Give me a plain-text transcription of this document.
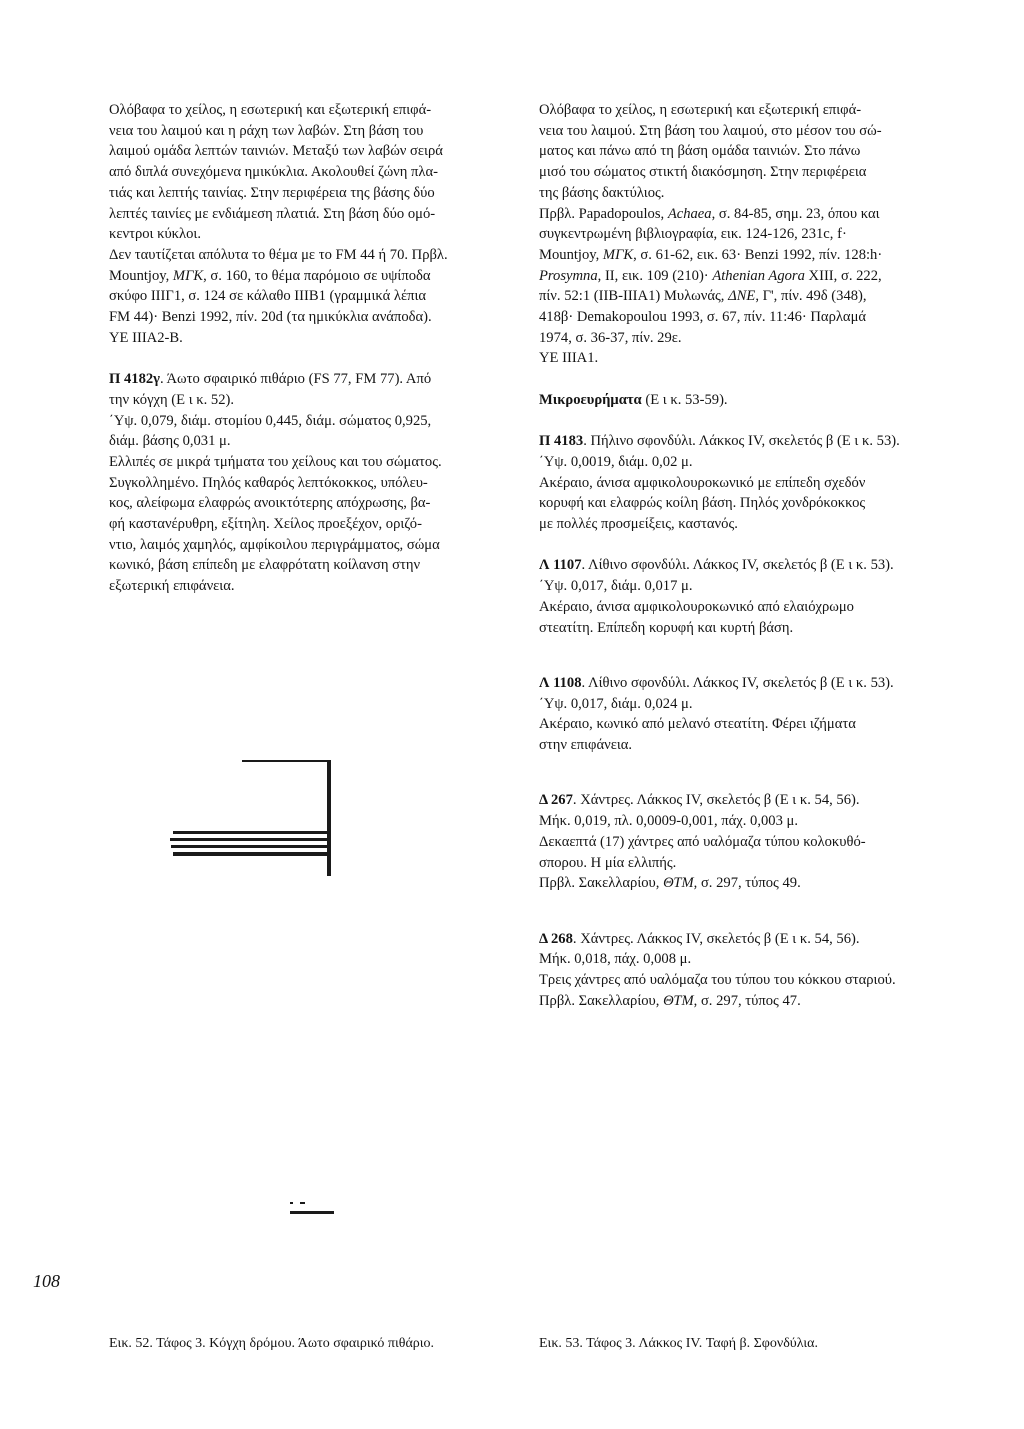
Ολόβαφα το χείλος, η εσωτερική και εξωτερική επιφά-

νεια του λαιμού και η ράχη των λαβών. Στη βάση του

λαιμού ομάδα λεπτών ταινιών. Μεταξύ των λαβών σειρά

από διπλά συνεχόμενα ημικύκλια. Ακολουθεί ζώνη πλα-

τιάς και λεπτής ταινίας. Στην περιφέρεια της βάσης δύο

λεπτές ταινίες με ενδιάμεση πλατιά. Στη βάση δύο ομό-

κεντροι κύκλοι.

Δεν ταυτίζεται απόλυτα το θέμα με το FM 44 ή 70. Πρβλ.

Mountjoy, ΜΓΚ, σ. 160, το θέμα παρόμοιο σε υψίποδα

σκύφο ΙΙΙΓ1, σ. 124 σε κάλαθο ΙΙΙΒ1 (γραμμικά λέπια

FM 44)· Benzi 1992, πίν. 20d (τα ημικύκλια ανάποδα).

ΥΕ ΙΙΙΑ2-Β.

Π 4182γ. Άωτο σφαιρικό πιθάριο (FS 77, FM 77). Από

την κόγχη (Ε ι κ. 52).

΄Υψ. 0,079, διάμ. στομίου 0,445, διάμ. σώματος 0,925,

διάμ. βάσης 0,031 μ.

Ελλιπές σε μικρά τμήματα του χείλους και του σώματος.

Συγκολλημένο. Πηλός καθαρός λεπτόκοκκος, υπόλευ-

κος, αλείφωμα ελαφρώς ανοικτότερης απόχρωσης, βα-

φή καστανέρυθρη, εξίτηλη. Χείλος προεξέχον, οριζό-

ντιο, λαιμός χαμηλός, αμφίκοιλου περιγράμματος, σώμα

κωνικό, βάση επίπεδη με ελαφρότατη κοίλανση στην

εξωτερική επιφάνεια.

Ολόβαφα το χείλος, η εσωτερική και εξωτερική επιφά-

νεια του λαιμού. Στη βάση του λαιμού, στο μέσον του σώ-

ματος και πάνω από τη βάση ομάδα ταινιών. Στο πάνω

μισό του σώματος στικτή διακόσμηση. Στην περιφέρεια

της βάσης δακτύλιος.

Πρβλ. Papadopoulos, Achaea, σ. 84-85, σημ. 23, όπου και

συγκεντρωμένη βιβλιογραφία, εικ. 124-126, 231c, f·

Mountjoy, ΜΓΚ, σ. 61-62, εικ. 63· Benzi 1992, πίν. 128:h·

Prosymna, II, εικ. 109 (210)· Athenian Agora XIII, σ. 222,

πίν. 52:1 (ΙΙΒ-ΙΙΙΑ1) Μυλωνάς, ΔΝΕ, Γ', πίν. 49δ (348),

418β· Demakopoulou 1993, σ. 67, πίν. 11:46· Παρλαμά

1974, σ. 36-37, πίν. 29ε.

ΥΕ ΙΙΙΑ1.

Μικροευρήματα (Ε ι κ. 53-59).

Π 4183. Πήλινο σφονδύλι. Λάκκος IV, σκελετός β (Ε ι κ. 53).

΄Υψ. 0,0019, διάμ. 0,02 μ.

Ακέραιο, άνισα αμφικολουροκωνικό με επίπεδη σχεδόν

κορυφή και ελαφρώς κοίλη βάση. Πηλός χονδρόκοκκος

με πολλές προσμείξεις, καστανός.

Λ 1107. Λίθινο σφονδύλι. Λάκκος IV, σκελετός β (Ε ι κ. 53).

΄Υψ. 0,017, διάμ. 0,017 μ.

Ακέραιο, άνισα αμφικολουροκωνικό από ελαιόχρωμο

στεατίτη. Επίπεδη κορυφή και κυρτή βάση.

Λ 1108. Λίθινο σφονδύλι. Λάκκος IV, σκελετός β (Ε ι κ. 53).

΄Υψ. 0,017, διάμ. 0,024 μ.

Ακέραιο, κωνικό από μελανό στεατίτη. Φέρει ιζήματα

στην επιφάνεια.

Δ 267. Χάντρες. Λάκκος IV, σκελετός β (Ε ι κ. 54, 56).

Μήκ. 0,019, πλ. 0,0009-0,001, πάχ. 0,003 μ.

Δεκαεπτά (17) χάντρες από υαλόμαζα τύπου κολοκυθό-

σπορου. Η μία ελλιπής.

Πρβλ. Σακελλαρίου, ΘΤΜ, σ. 297, τύπος 49.

Δ 268. Χάντρες. Λάκκος IV, σκελετός β (Ε ι κ. 54, 56).

Μήκ. 0,018, πάχ. 0,008 μ.

Τρεις χάντρες από υαλόμαζα του τύπου του κόκκου σταριού.

Πρβλ. Σακελλαρίου, ΘΤΜ, σ. 297, τύπος 47.

108
Εικ. 52. Τάφος 3. Κόγχη δρόμου. Άωτο σφαιρικό πιθάριο.	Εικ. 53. Τάφος 3. Λάκκος IV. Ταφή β. Σφονδύλια.
